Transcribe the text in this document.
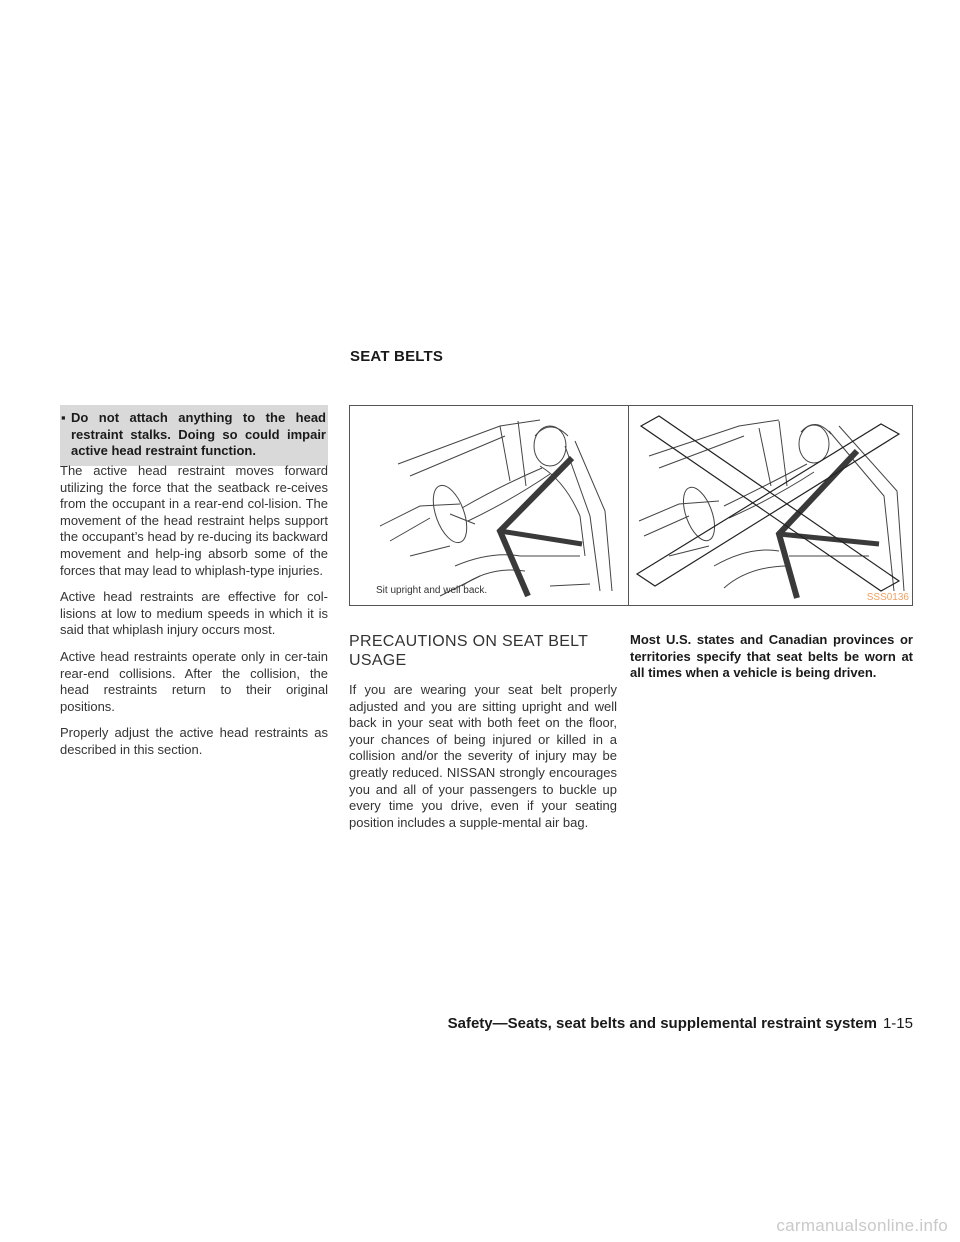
SEAT BELTS
▪ Do not attach anything to the head restraint stalks. Doing so could impair active head restraint function.

The active head restraint moves forward utilizing the force that the seatback re-ceives from the occupant in a rear-end col-lision. The movement of the head restraint helps support the occupant’s head by re-ducing its backward movement and help-ing absorb some of the forces that may lead to whiplash-type injuries.

Active head restraints are effective for col-lisions at low to medium speeds in which it is said that whiplash injury occurs most.

Active head restraints operate only in cer-tain rear-end collisions. After the collision, the head restraints return to their original positions.

Properly adjust the active head restraints as described in this section.

Sit upright and well back.
SSS0136
PRECAUTIONS ON SEAT BELT USAGE

If you are wearing your seat belt properly adjusted and you are sitting upright and well back in your seat with both feet on the floor, your chances of being injured or killed in a collision and/or the severity of injury may be greatly reduced. NISSAN strongly encourages you and all of your passengers to buckle up every time you drive, even if your seating position includes a supple-mental air bag.

Most U.S. states and Canadian provinces or territories specify that seat belts be worn at all times when a vehicle is being driven.

Safety—Seats, seat belts and supplemental restraint system 1-15
carmanualsonline.info
